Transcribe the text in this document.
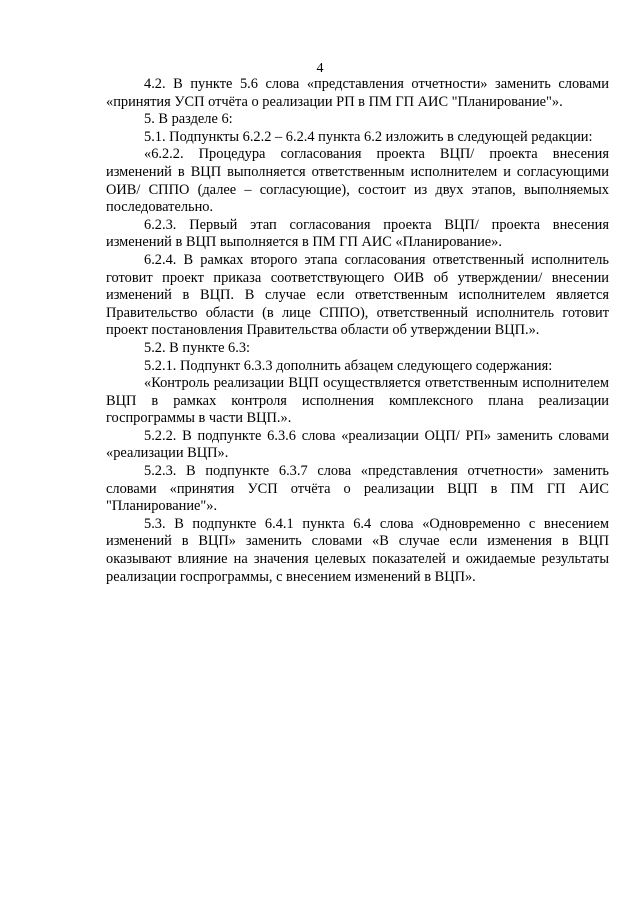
4

4.2. В пункте 5.6 слова «представления отчетности» заменить словами «принятия УСП отчёта о реализации РП в ПМ ГП АИС "Планирование"».

5. В разделе 6:

5.1. Подпункты 6.2.2 – 6.2.4 пункта 6.2 изложить в следующей редакции:

«6.2.2. Процедура согласования проекта ВЦП/ проекта внесения изменений в ВЦП выполняется ответственным исполнителем и согласующими ОИВ/ СППО (далее – согласующие), состоит из двух этапов, выполняемых последовательно.

6.2.3. Первый этап согласования проекта ВЦП/ проекта внесения изменений в ВЦП выполняется в ПМ ГП АИС «Планирование».

6.2.4. В рамках второго этапа согласования ответственный исполнитель готовит проект приказа соответствующего ОИВ об утверждении/ внесении изменений в ВЦП. В случае если ответственным исполнителем является Правительство области (в лице СППО), ответственный исполнитель готовит проект постановления Правительства области об утверждении ВЦП.».

5.2. В пункте 6.3:

5.2.1. Подпункт 6.3.3 дополнить абзацем следующего содержания:

«Контроль реализации ВЦП осуществляется ответственным исполнителем ВЦП в рамках контроля исполнения комплексного плана реализации госпрограммы в части ВЦП.».

5.2.2. В подпункте 6.3.6 слова «реализации ОЦП/ РП» заменить словами «реализации ВЦП».

5.2.3. В подпункте 6.3.7 слова «представления отчетности» заменить словами «принятия УСП отчёта о реализации ВЦП в ПМ ГП АИС "Планирование"».

5.3. В подпункте 6.4.1 пункта 6.4 слова «Одновременно с внесением изменений в ВЦП» заменить словами «В случае если изменения в ВЦП оказывают влияние на значения целевых показателей и ожидаемые результаты реализации госпрограммы, с внесением изменений в ВЦП».
